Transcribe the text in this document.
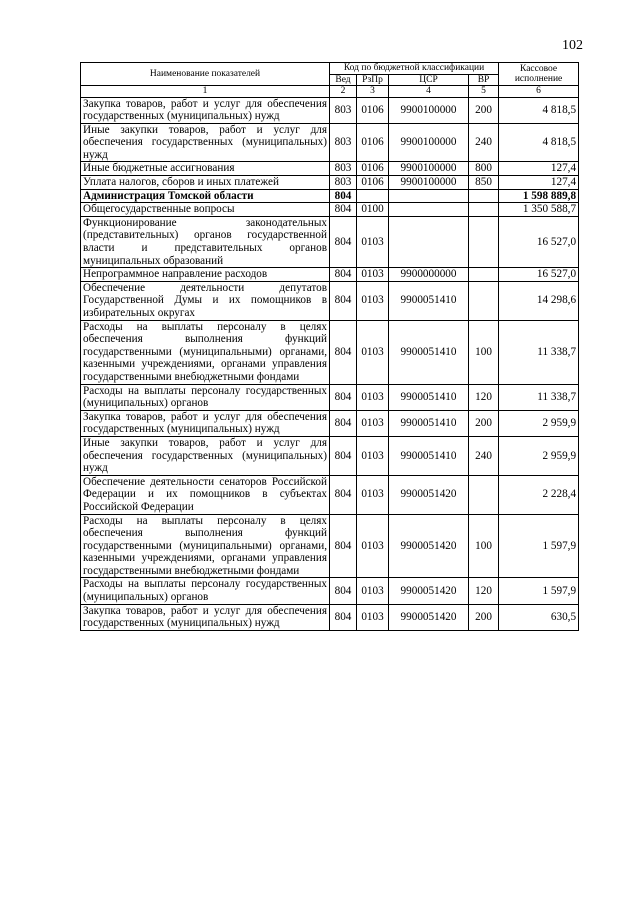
102
Наименование показателей	Код по бюджетной классификации				Кассовое исполнение
	Вед	РзПр	ЦСР	ВР	
1	2	3	4	5	6
Закупка товаров, работ и услуг для обеспечения государственных (муниципальных) нужд	803	0106	9900100000	200	4 818,5
Иные закупки товаров, работ и услуг для обеспечения государственных (муниципальных) нужд	803	0106	9900100000	240	4 818,5
Иные бюджетные ассигнования	803	0106	9900100000	800	127,4
Уплата налогов, сборов и иных платежей	803	0106	9900100000	850	127,4
Администрация Томской области	804				1 598 889,8
Общегосударственные вопросы	804	0100			1 350 588,7
Функционирование законодательных (представительных) органов государственной власти и представительных органов муниципальных образований	804	0103			16 527,0
Непрограммное направление расходов	804	0103	9900000000		16 527,0
Обеспечение деятельности депутатов Государственной Думы и их помощников в избирательных округах	804	0103	9900051410		14 298,6
Расходы на выплаты персоналу в целях обеспечения выполнения функций государственными (муниципальными) органами, казенными учреждениями, органами управления государственными внебюджетными фондами	804	0103	9900051410	100	11 338,7
Расходы на выплаты персоналу государственных (муниципальных) органов	804	0103	9900051410	120	11 338,7
Закупка товаров, работ и услуг для обеспечения государственных (муниципальных) нужд	804	0103	9900051410	200	2 959,9
Иные закупки товаров, работ и услуг для обеспечения государственных (муниципальных) нужд	804	0103	9900051410	240	2 959,9
Обеспечение деятельности сенаторов Российской Федерации и их помощников в субъектах Российской Федерации	804	0103	9900051420		2 228,4
Расходы на выплаты персоналу в целях обеспечения выполнения функций государственными (муниципальными) органами, казенными учреждениями, органами управления государственными внебюджетными фондами	804	0103	9900051420	100	1 597,9
Расходы на выплаты персоналу государственных (муниципальных) органов	804	0103	9900051420	120	1 597,9
Закупка товаров, работ и услуг для обеспечения государственных (муниципальных) нужд	804	0103	9900051420	200	630,5
